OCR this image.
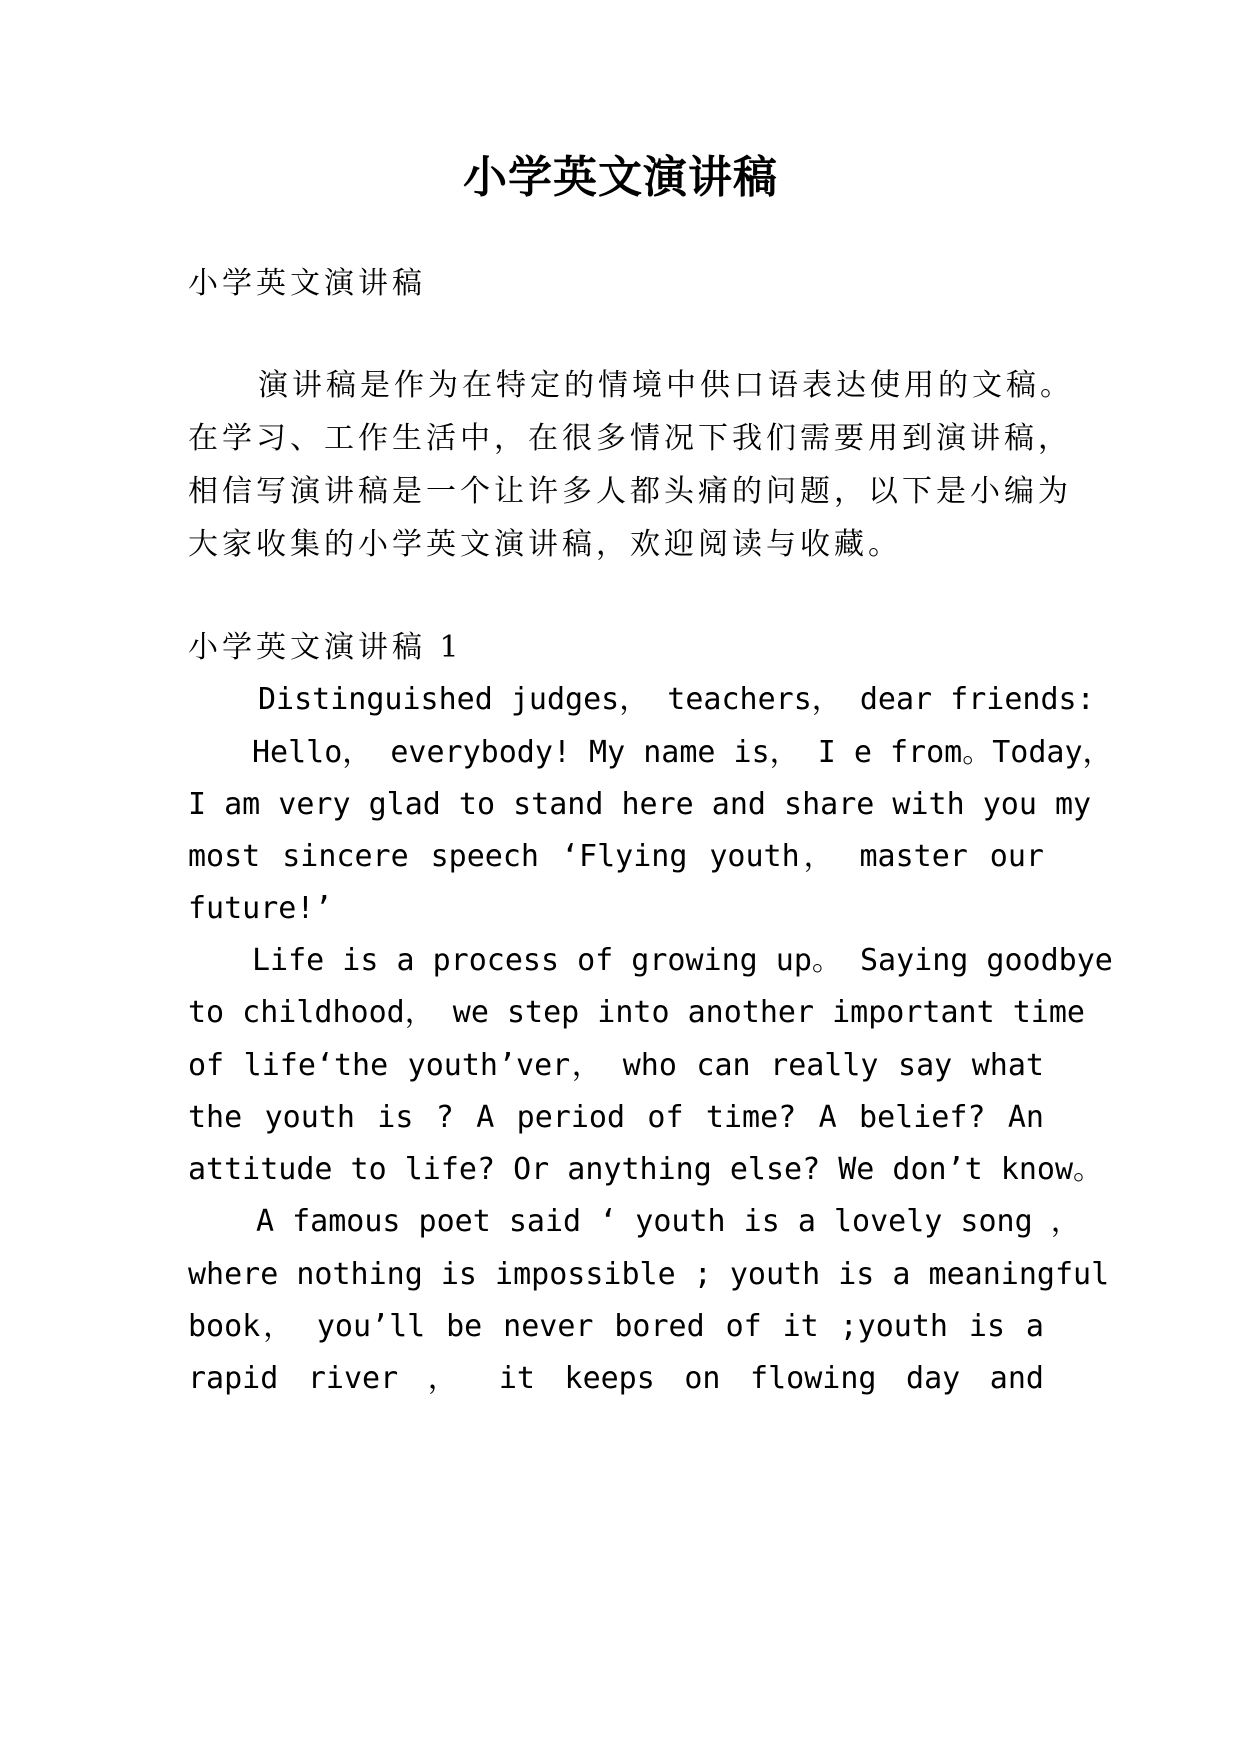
小学英文演讲稿
小学英文演讲稿
演讲稿是作为在特定的情境中供口语表达使用的文稿。
在学习、工作生活中，在很多情况下我们需要用到演讲稿，
相信写演讲稿是一个让许多人都头痛的问题，以下是小编为
大家收集的小学英文演讲稿，欢迎阅读与收藏。
小学英文演讲稿 1
Distinguished judges， teachers， dear friends:
Hello， everybody! My name is， I e from。Today，
I am very glad to stand here and share with you my
most sincere speech ‘Flying youth， master our
future!’
Life is a process of growing up。 Saying goodbye
to childhood， we step into another important time
of life‘the youth’ver， who can really say what
the youth is ? A period of time? A belief? An
attitude to life? Or anything else? We don’t know。
A famous poet said ‘ youth is a lovely song ，
where nothing is impossible ; youth is a meaningful
book， you’ll be never bored of it ;youth is a
rapid river ， it keeps on flowing day and
